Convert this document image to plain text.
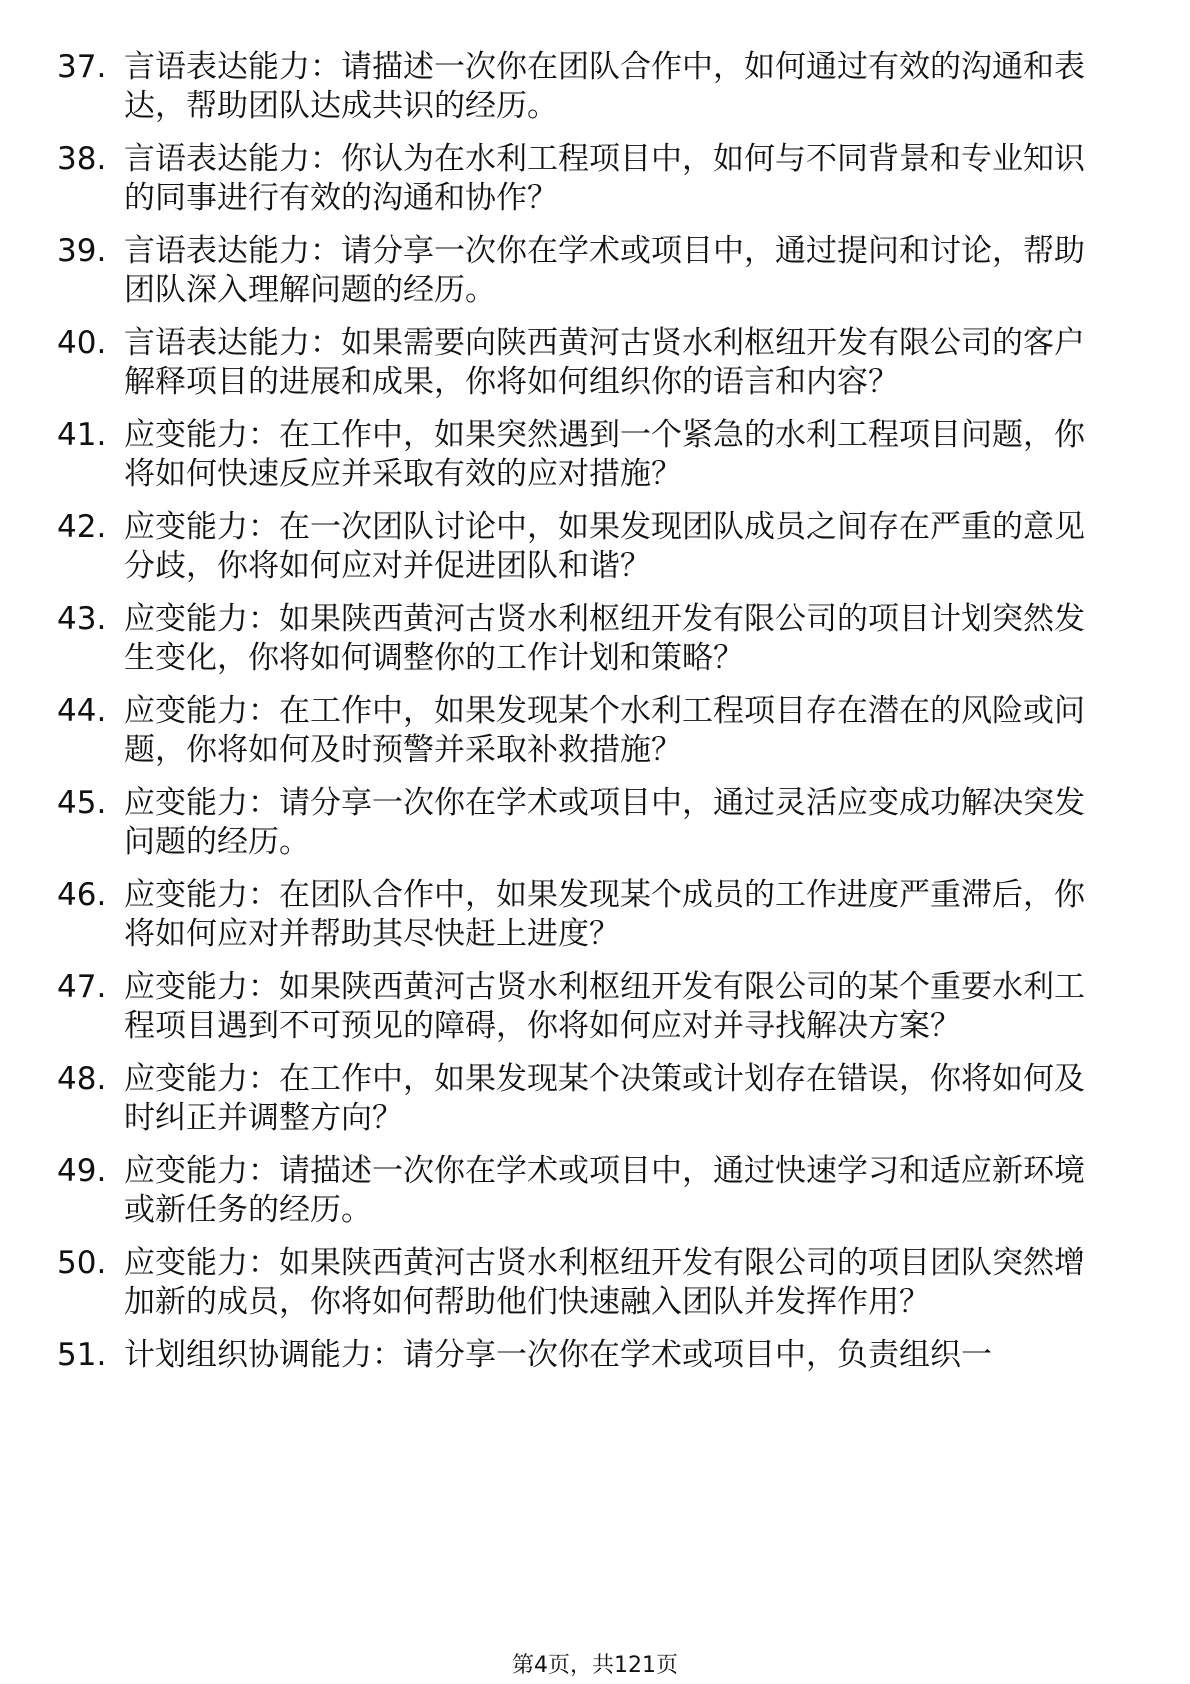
37. 言语表达能力：请描述一次你在团队合作中，如何通过有效的沟通和表达，帮助团队达成共识的经历。
38. 言语表达能力：你认为在水利工程项目中，如何与不同背景和专业知识的同事进行有效的沟通和协作？
39. 言语表达能力：请分享一次你在学术或项目中，通过提问和讨论，帮助团队深入理解问题的经历。
40. 言语表达能力：如果需要向陕西黄河古贤水利枢纽开发有限公司的客户解释项目的进展和成果，你将如何组织你的语言和内容？
41. 应变能力：在工作中，如果突然遇到一个紧急的水利工程项目问题，你将如何快速反应并采取有效的应对措施？
42. 应变能力：在一次团队讨论中，如果发现团队成员之间存在严重的意见分歧，你将如何应对并促进团队和谐？
43. 应变能力：如果陕西黄河古贤水利枢纽开发有限公司的项目计划突然发生变化，你将如何调整你的工作计划和策略？
44. 应变能力：在工作中，如果发现某个水利工程项目存在潜在的风险或问题，你将如何及时预警并采取补救措施？
45. 应变能力：请分享一次你在学术或项目中，通过灵活应变成功解决突发问题的经历。
46. 应变能力：在团队合作中，如果发现某个成员的工作进度严重滞后，你将如何应对并帮助其尽快赶上进度？
47. 应变能力：如果陕西黄河古贤水利枢纽开发有限公司的某个重要水利工程项目遇到不可预见的障碍，你将如何应对并寻找解决方案？
48. 应变能力：在工作中，如果发现某个决策或计划存在错误，你将如何及时纠正并调整方向？
49. 应变能力：请描述一次你在学术或项目中，通过快速学习和适应新环境或新任务的经历。
50. 应变能力：如果陕西黄河古贤水利枢纽开发有限公司的项目团队突然增加新的成员，你将如何帮助他们快速融入团队并发挥作用？
51. 计划组织协调能力：请分享一次你在学术或项目中，负责组织一
第4页，共121页
